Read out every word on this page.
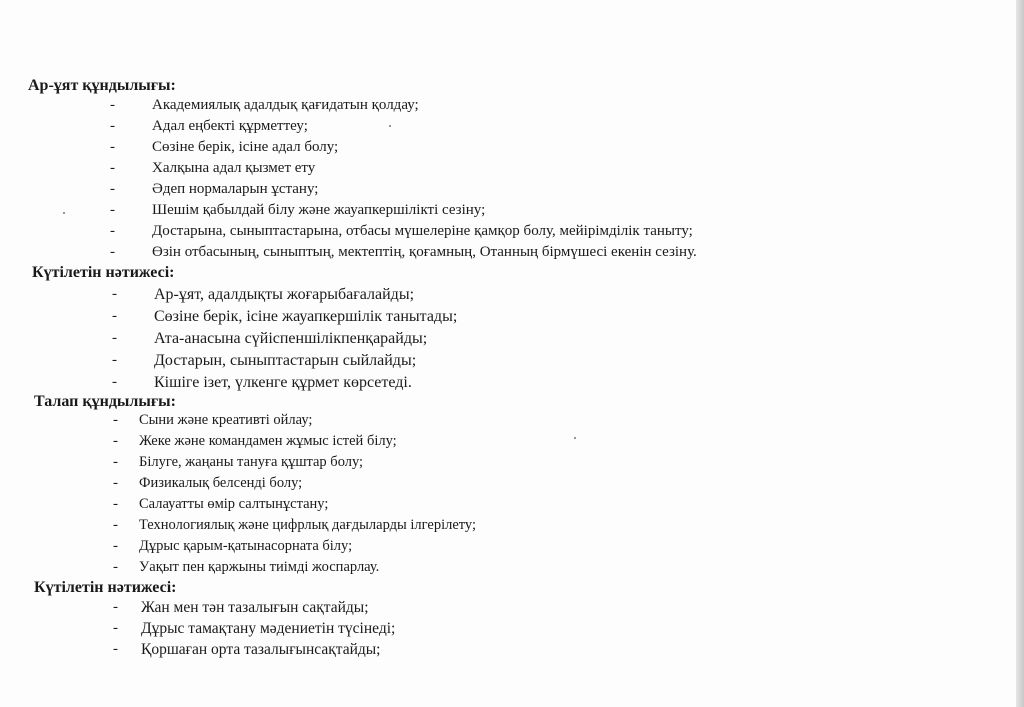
Ар-ұят құндылығы:
- Академиялық адалдық қағидатын қолдау;
- Адал еңбекті құрметтеу;
- Сөзіне берік, ісіне адал болу;
- Халқына адал қызмет ету
- Әдеп нормаларын ұстану;
- Шешім қабылдай білу және жауапкершілікті сезіну;
- Достарына, сыныптастарына, отбасы мүшелеріне қамқор болу, мейірімділік таныту;
- Өзін отбасының, сыныптың, мектептің, қоғамның, Отанның бірмүшесі екенін сезіну.
Күтілетін нәтижесі:
- Ар-ұят, адалдықты жоғарыбағалайды;
- Сөзіне берік, ісіне жауапкершілік танытады;
- Ата-анасына сүйіспеншілікпенқарайды;
- Достарын, сыныптастарын сыйлайды;
- Кішіге ізет, үлкенге құрмет көрсетеді.
Талап құндылығы:
- Сыни және креативті ойлау;
- Жеке және командамен жұмыс істей білу;
- Білуге, жаңаны тануға құштар болу;
- Физикалық белсенді болу;
- Салауатты өмір салтынұстану;
- Технологиялық және цифрлық дағдыларды ілгерілету;
- Дұрыс қарым-қатынасорната білу;
- Уақыт пен қаржыны тиімді жоспарлау.
Күтілетін нәтижесі:
- Жан мен тән тазалығын сақтайды;
- Дұрыс тамақтану мәдениетін түсінеді;
- Қоршаған орта тазалығынсақтайды;
